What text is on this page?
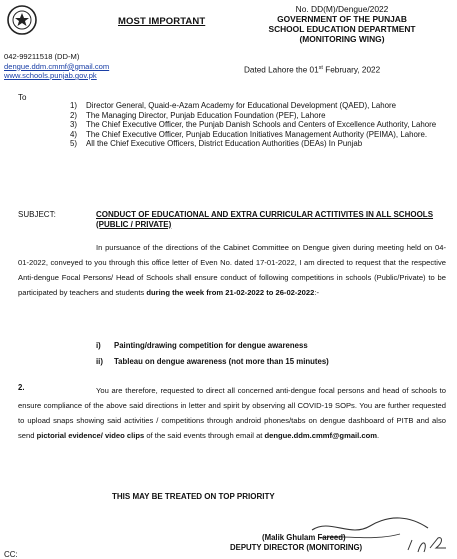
MOST IMPORTANT
No. DD(M)/Dengue/2022
GOVERNMENT OF THE PUNJAB
SCHOOL EDUCATION DEPARTMENT
(MONITORING WING)
042-99211518 (DD-M)
dengue.ddm.cmmf@gmail.com
www.schools.punjab.gov.pk
Dated Lahore the 01st February, 2022
To
1) Director General, Quaid-e-Azam Academy for Educational Development (QAED), Lahore
2) The Managing Director, Punjab Education Foundation (PEF), Lahore
3) The Chief Executive Officer, the Punjab Danish Schools and Centers of Excellence Authority, Lahore
4) The Chief Executive Officer, Punjab Education Initiatives Management Authority (PEIMA), Lahore.
5) All the Chief Executive Officers, District Education Authorities (DEAs) In Punjab
SUBJECT:	CONDUCT OF EDUCATIONAL AND EXTRA CURRICULAR ACTITIVITES IN ALL SCHOOLS (PUBLIC / PRIVATE)

In pursuance of the directions of the Cabinet Committee on Dengue given during meeting held on 04-01-2022, conveyed to you through this office letter of Even No. dated 17-01-2022, I am directed to request that the respective Anti-dengue Focal Persons/ Head of Schools shall ensure conduct of following competitions in schools (Public/Private) to be participated by teachers and students during the week from 21-02-2022 to 26-02-2022:-

i) Painting/drawing competition for dengue awareness
ii) Tableau on dengue awareness (not more than 15 minutes)
2.	You are therefore, requested to direct all concerned anti-dengue focal persons and head of schools to ensure compliance of the above said directions in letter and spirit by observing all COVID-19 SOPs. You are further requested to upload snaps showing said activities / competitions through android phones/tabs on dengue dashboard of PITB and also send pictorial evidence/ video clips of the said events through email at dengue.ddm.cmmf@gmail.com.

THIS MAY BE TREATED ON TOP PRIORITY
(Malik Ghulam Fareed)
DEPUTY DIRECTOR (MONITORING)
CC:
